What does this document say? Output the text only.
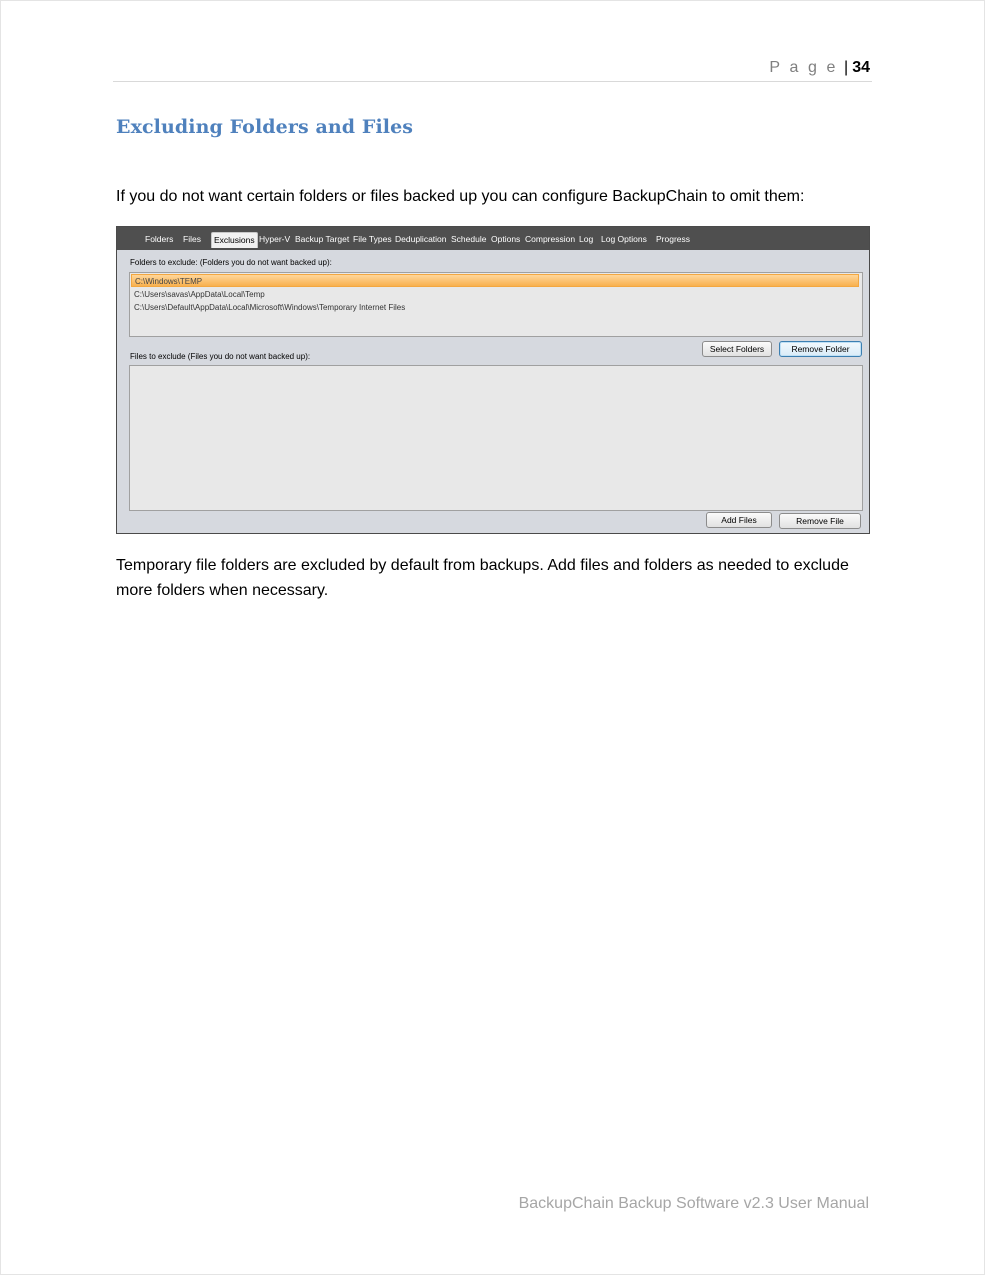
P a g e | 34
Excluding Folders and Files
If you do not want certain folders or files backed up you can configure BackupChain to omit them:
Folders Files	Exclusions Hyper-V Backup Target File Types Deduplication Schedule Options Compression Log Log Options Progress
Folders to exclude: (Folders you do not want backed up):
C:\Windows\TEMP
C:\Users\savas\AppData\Local\Temp
C:\Users\Default\AppData\Local\Microsoft\Windows\Temporary Internet Files
Select Folders	Remove Folder
Files to exclude (Files you do not want backed up):
Add Files	Remove File
Temporary file folders are excluded by default from backups. Add files and folders as needed to exclude more folders when necessary.
BackupChain Backup Software v2.3 User Manual
